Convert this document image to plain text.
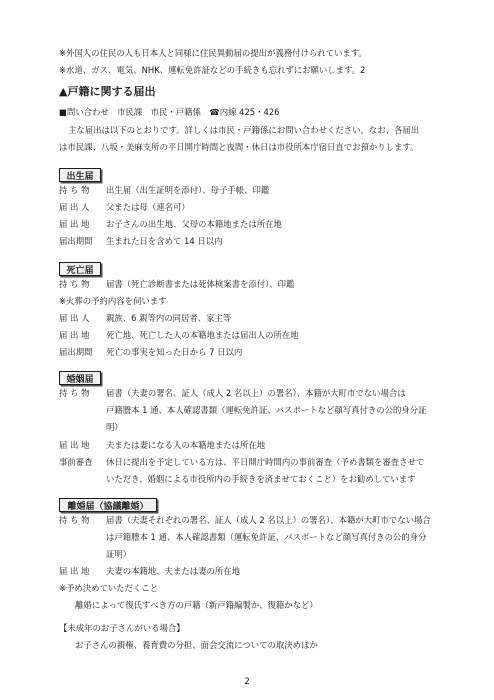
※外国人の住民の人も日本人と同様に住民異動届の提出が義務付けられています。
※水道、ガス、電気、NHK、運転免許証などの手続きも忘れずにお願いします。2
▲戸籍に関する届出
■問い合わせ　市民課　市民・戸籍係　☎内線 425・426
主な届出は以下のとおりです。詳しくは市民・戸籍係にお問い合わせください。なお、各届出
は市民課、八坂・美麻支所の平日開庁時間と夜間・休日は市役所本庁宿日直でお預かりします。
出生届
持 ち 物 出生届（出生証明を添付）、母子手帳、印鑑
届 出 人 父または母（連名可）
届 出 地 お子さんの出生地、父母の本籍地または所在地
届出期間 生まれた日を含めて 14 日以内
死亡届
持 ち 物 届書（死亡診断書または死体検案書を添付）、印鑑
※火葬の予約内容を伺います
届 出 人 親族、6 親等内の同居者、家主等
届 出 地 死亡地、死亡した人の本籍地または届出人の所在地
届出期間 死亡の事実を知った日から 7 日以内
婚姻届
持 ち 物 届書（夫妻の署名、証人（成人 2 名以上）の署名）、本籍が大町市でない場合は
戸籍謄本 1 通、本人確認書類（運転免許証、パスポートなど顔写真付きの公的身分証
明）
届 出 地 夫または妻になる人の本籍地または所在地
事前審査 休日に提出を予定している方は、平日開庁時間内の事前審査（予め書類を審査させて
いただき、婚姻による市役所内の手続きを済ませておくこと）をお勧めしています
離婚届（協議離婚）
持 ち 物 届書（夫妻それぞれの署名、証人（成人 2 名以上）の署名）、本籍が大町市でない場合
は戸籍謄本 1 通、本人確認書類（運転免許証、パスポートなど顔写真付きの公的身分
証明）
届 出 地 夫妻の本籍地、夫または妻の所在地
※予め決めていただくこと
離婚によって復氏すべき方の戸籍（新戸籍編製か、復籍かなど）
【未成年のお子さんがいる場合】
お子さんの親権、養育費の分担、面会交流についての取決めほか
2
